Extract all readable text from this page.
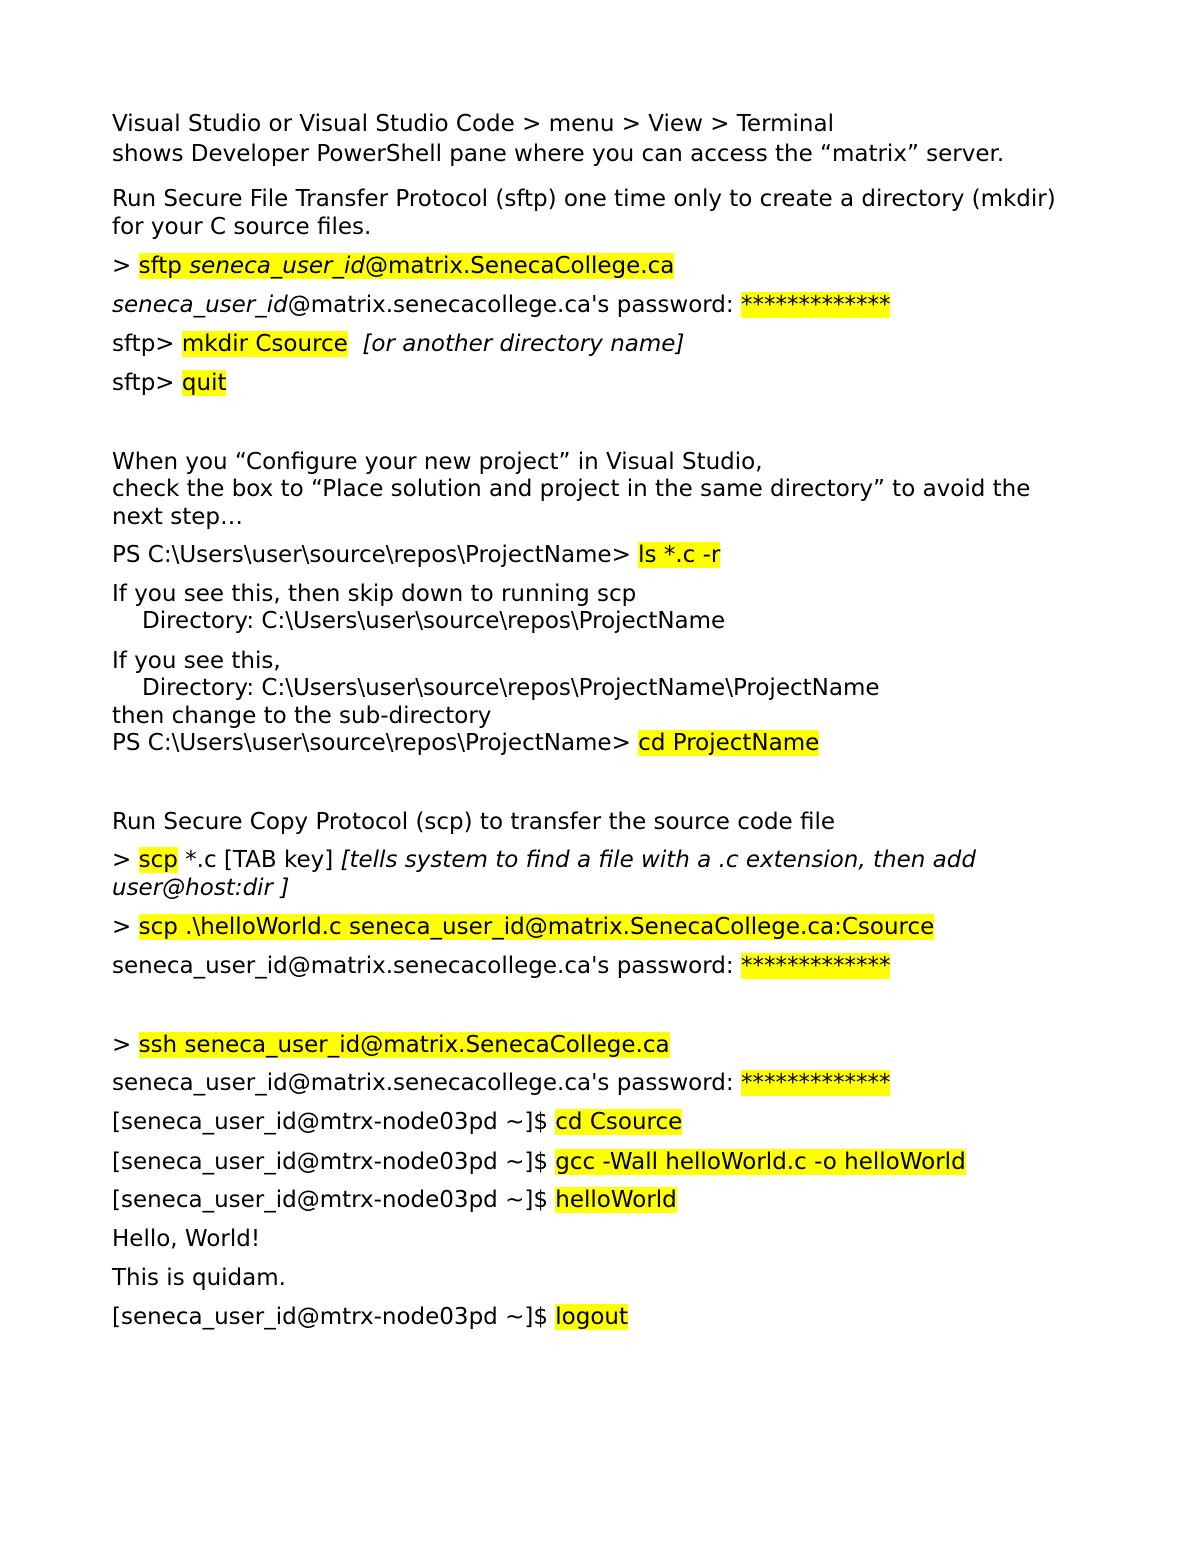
Visual Studio or Visual Studio Code > menu > View > Terminal
shows Developer PowerShell pane where you can access the “matrix” server.
Run Secure File Transfer Protocol (sftp) one time only to create a directory (mkdir)
for your C source files.
> sftp seneca_user_id@matrix.SenecaCollege.ca
seneca_user_id@matrix.senecacollege.ca's password: *************
sftp> mkdir Csource  [or another directory name]
sftp> quit
When you “Configure your new project” in Visual Studio,
check the box to “Place solution and project in the same directory” to avoid the
next step…
PS C:\Users\user\source\repos\ProjectName> ls *.c -r
If you see this, then skip down to running scp
Directory: C:\Users\user\source\repos\ProjectName
If you see this,
Directory: C:\Users\user\source\repos\ProjectName\ProjectName
then change to the sub-directory
PS C:\Users\user\source\repos\ProjectName> cd ProjectName
Run Secure Copy Protocol (scp) to transfer the source code file
> scp *.c [TAB key] [tells system to find a file with a .c extension, then add
user@host:dir ]
> scp .\helloWorld.c seneca_user_id@matrix.SenecaCollege.ca:Csource
seneca_user_id@matrix.senecacollege.ca's password: *************
> ssh seneca_user_id@matrix.SenecaCollege.ca
seneca_user_id@matrix.senecacollege.ca's password: *************
[seneca_user_id@mtrx-node03pd ~]$ cd Csource
[seneca_user_id@mtrx-node03pd ~]$ gcc -Wall helloWorld.c -o helloWorld
[seneca_user_id@mtrx-node03pd ~]$ helloWorld
Hello, World!
This is quidam.
[seneca_user_id@mtrx-node03pd ~]$ logout
